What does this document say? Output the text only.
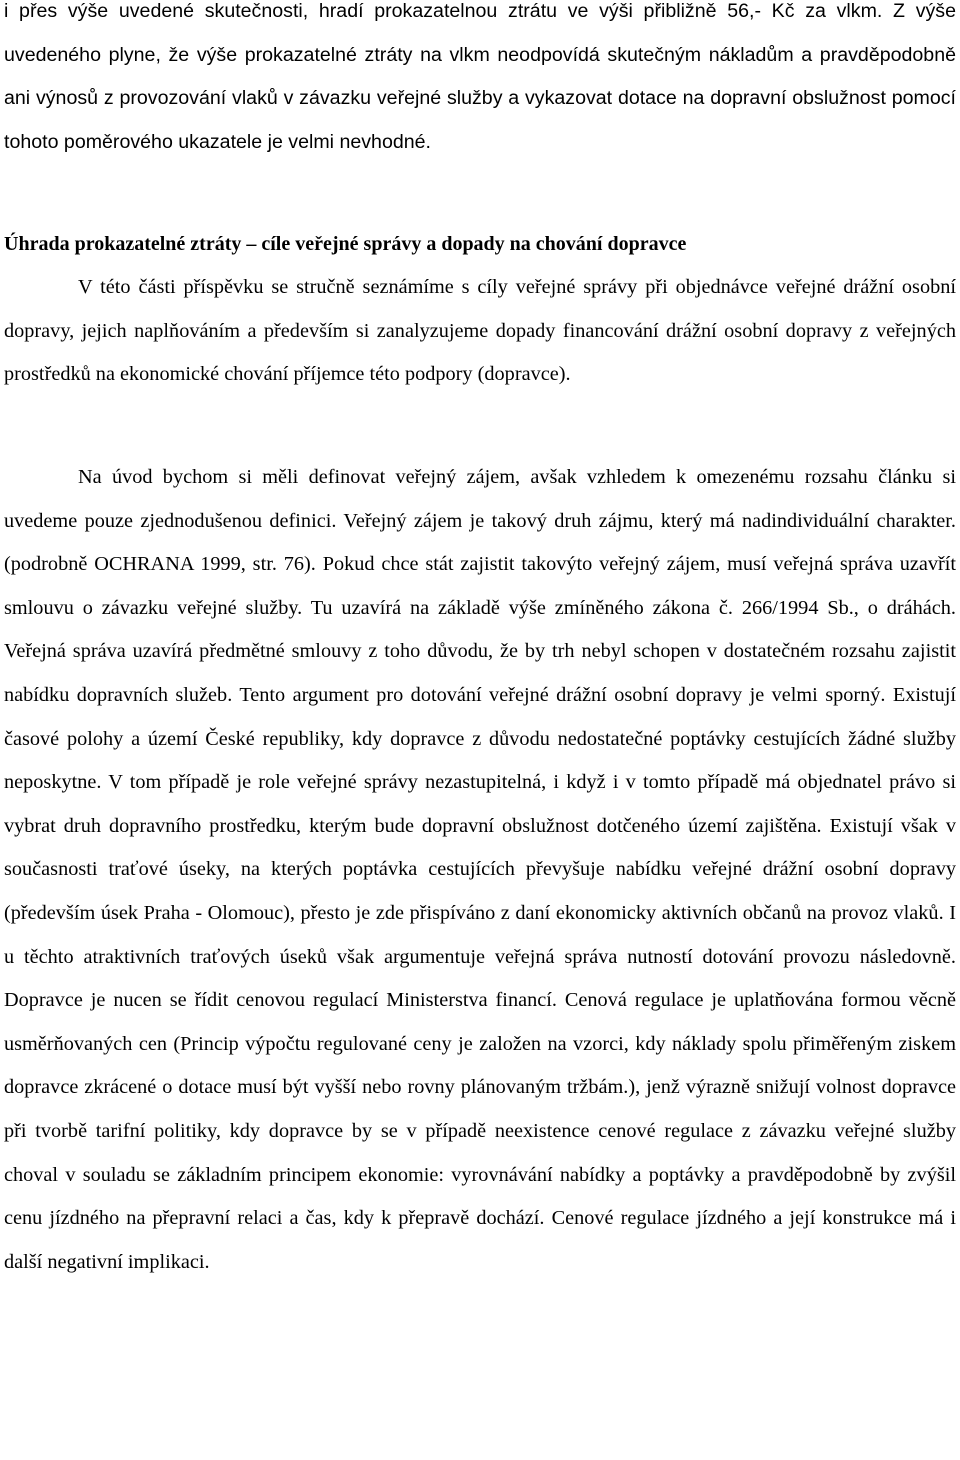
i přes výše uvedené skutečnosti, hradí prokazatelnou ztrátu ve výši přibližně 56,- Kč za vlkm. Z výše uvedeného plyne, že výše prokazatelné ztráty na vlkm neodpovídá skutečným nákladům a pravděpodobně ani výnosů z provozování vlaků v závazku veřejné služby a vykazovat dotace na dopravní obslužnost pomocí tohoto poměrového ukazatele je velmi nevhodné.

Úhrada prokazatelné ztráty – cíle veřejné správy a dopady na chování dopravce

V této části příspěvku se stručně seznámíme s cíly veřejné správy při objednávce veřejné drážní osobní dopravy, jejich naplňováním a především si zanalyzujeme dopady financování drážní osobní dopravy z veřejných prostředků na ekonomické chování příjemce této podpory (dopravce).

Na úvod bychom si měli definovat veřejný zájem, avšak vzhledem k omezenému rozsahu článku si uvedeme pouze zjednodušenou definici. Veřejný zájem je takový druh zájmu, který má nadindividuální charakter. (podrobně OCHRANA 1999, str. 76). Pokud chce stát zajistit takovýto veřejný zájem, musí veřejná správa uzavřít smlouvu o závazku veřejné služby. Tu uzavírá na základě výše zmíněného zákona č. 266/1994 Sb., o dráhách. Veřejná správa uzavírá předmětné smlouvy z toho důvodu, že by trh nebyl schopen v dostatečném rozsahu zajistit nabídku dopravních služeb. Tento argument pro dotování veřejné drážní osobní dopravy je velmi sporný. Existují časové polohy a území České republiky, kdy dopravce z důvodu nedostatečné poptávky cestujících žádné služby neposkytne. V tom případě je role veřejné správy nezastupitelná, i když i v tomto případě má objednatel právo si vybrat druh dopravního prostředku, kterým bude dopravní obslužnost dotčeného území zajištěna. Existují však v současnosti traťové úseky, na kterých poptávka cestujících převyšuje nabídku veřejné drážní osobní dopravy (především úsek Praha - Olomouc), přesto je zde přispíváno z daní ekonomicky aktivních občanů na provoz vlaků. I u těchto atraktivních traťových úseků však argumentuje veřejná správa nutností dotování provozu následovně. Dopravce je nucen se řídit cenovou regulací Ministerstva financí. Cenová regulace je uplatňována formou věcně usměrňovaných cen (Princip výpočtu regulované ceny je založen na vzorci, kdy náklady spolu přiměřeným ziskem dopravce zkrácené o dotace musí být vyšší nebo rovny plánovaným tržbám.), jenž výrazně snižují volnost dopravce při tvorbě tarifní politiky, kdy dopravce by se v případě neexistence cenové regulace z závazku veřejné služby choval v souladu se základním principem ekonomie: vyrovnávání nabídky a poptávky a pravděpodobně by zvýšil cenu jízdného na přepravní relaci a čas, kdy k přepravě dochází. Cenové regulace jízdného a její konstrukce má i další negativní implikaci.
